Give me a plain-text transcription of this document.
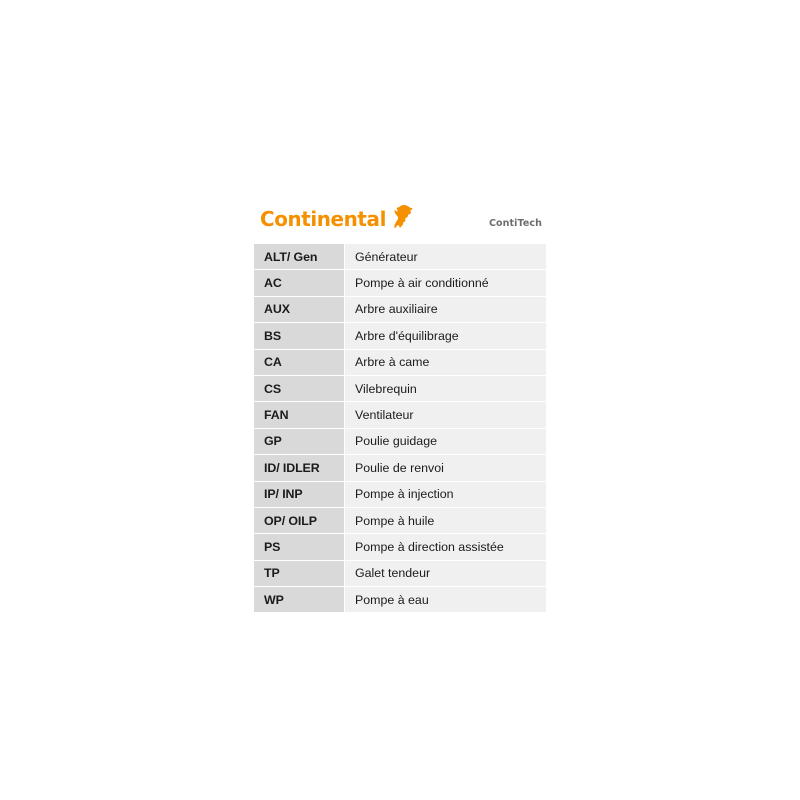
Continental	ContiTech
ALT/ Gen	Générateur
AC	Pompe à air conditionné
AUX	Arbre auxiliaire
BS	Arbre d'équilibrage
CA	Arbre à came
CS	Vilebrequin
FAN	Ventilateur
GP	Poulie guidage
ID/ IDLER	Poulie de renvoi
IP/ INP	Pompe à injection
OP/ OILP	Pompe à huile
PS	Pompe à direction assistée
TP	Galet tendeur
WP	Pompe à eau
